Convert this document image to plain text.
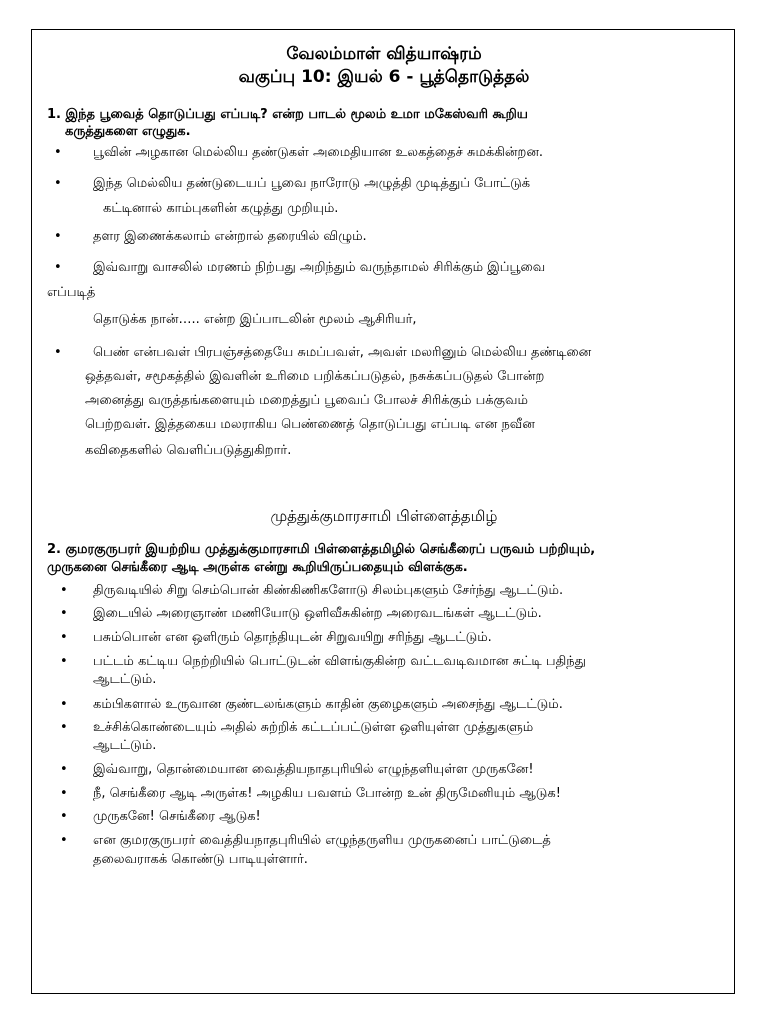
வேலம்மாள் வித்யாஷ்ரம்
வகுப்பு 10: இயல் 6 - பூத்தொடுத்தல்
1. இந்த பூவைத் தொடுப்பது எப்படி? என்ற பாடல் மூலம் உமா மகேஸ்வரி கூறிய
கருத்துகளை எழுதுக.
•
பூவின் அழகான மெல்லிய தண்டுகள் அமைதியான உலகத்தைச் சுமக்கின்றன.
•
இந்த மெல்லிய தண்டுடையப் பூவை நாரோடு அழுத்தி முடித்துப் போட்டுக்
கட்டினால் காம்புகளின் கழுத்து முறியும்.
•
தளர இணைக்கலாம் என்றால் தரையில் விழும்.
•
இவ்வாறு வாசலில் மரணம் நிற்பது அறிந்தும் வருந்தாமல் சிரிக்கும் இப்பூவை
எப்படித்
தொடுக்க நான்….. என்ற இப்பாடலின் மூலம் ஆசிரியர்,
•
பெண் என்பவள் பிரபஞ்சத்தையே சுமப்பவள், அவள் மலரினும் மெல்லிய தண்டினை
ஒத்தவள், சமூகத்தில் இவளின் உரிமை பறிக்கப்படுதல், நசுக்கப்படுதல் போன்ற
அனைத்து வருத்தங்களையும் மறைத்துப் பூவைப் போலச் சிரிக்கும் பக்குவம்
பெற்றவள். இத்தகைய மலராகிய பெண்ணைத் தொடுப்பது எப்படி என நவீன
கவிதைகளில் வெளிப்படுத்துகிறார்.
முத்துக்குமாரசாமி பிள்ளைத்தமிழ்
2. குமரகுருபரர் இயற்றிய முத்துக்குமாரசாமி பிள்ளைத்தமிழில் செங்கீரைப் பருவம் பற்றியும்,
முருகனை செங்கீரை ஆடி அருள்க என்று கூறியிருப்பதையும் விளக்குக.
•
திருவடியில் சிறு செம்பொன் கிண்கிணிகளோடு சிலம்புகளும் சேர்ந்து ஆடட்டும்.
•
இடையில் அரைஞாண் மணியோடு ஒளிவீசுகின்ற அரைவடங்கள் ஆடட்டும்.
•
பசும்பொன் என ஒளிரும் தொந்தியுடன் சிறுவயிறு சரிந்து ஆடட்டும்.
•
பட்டம் கட்டிய நெற்றியில் பொட்டுடன் விளங்குகின்ற வட்டவடிவமான சுட்டி பதிந்து
ஆடட்டும்.
•
கம்பிகளால் உருவான குண்டலங்களும் காதின் குழைகளும் அசைந்து ஆடட்டும்.
•
உச்சிக்கொண்டையும் அதில் சுற்றிக் கட்டப்பட்டுள்ள ஒளியுள்ள முத்துகளும்
ஆடட்டும்.
•
இவ்வாறு, தொன்மையான வைத்தியநாதபுரியில் எழுந்தளியுள்ள முருகனே!
•
நீ, செங்கீரை ஆடி அருள்க! அழகிய பவளம் போன்ற உன் திருமேனியும் ஆடுக!
•
முருகனே! செங்கீரை ஆடுக!
•
என குமரகுருபரர் வைத்தியநாதபுரியில் எழுந்தருளிய முருகனைப் பாட்டுடைத்
தலைவராகக் கொண்டு பாடியுள்ளார்.
